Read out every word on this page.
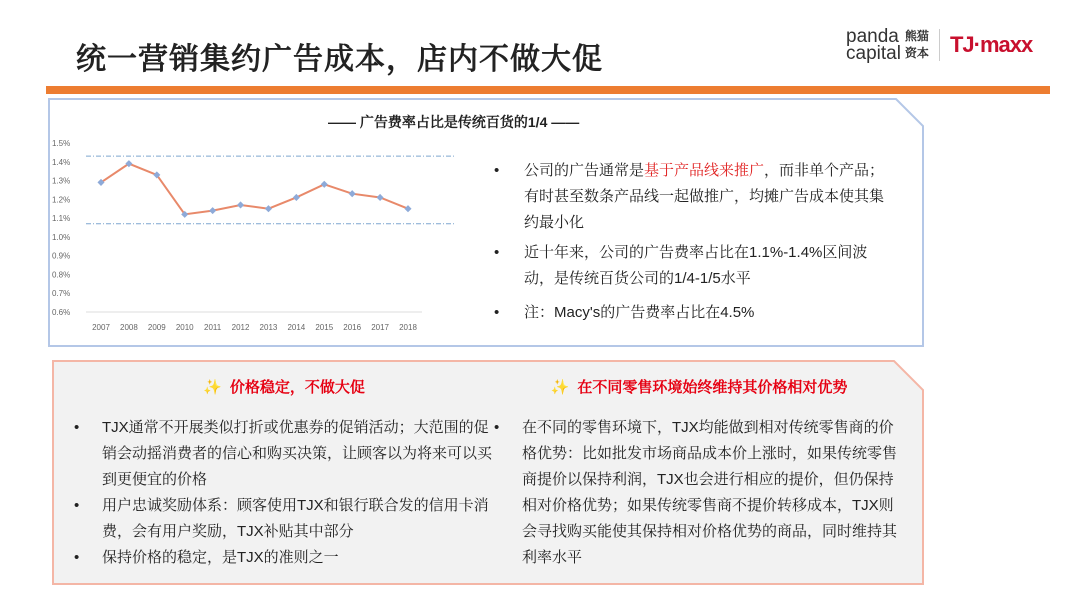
统一营销集约广告成本，店内不做大促
panda
capital
熊猫
资本 TJ·maxx
1.5%
1.4%
1.3%
1.2%
1.1%
1.0%
0.9%
0.8%
0.7%
0.6%
2007 2008 2009 2010 2011 2012 2013 2014 2015 2016 2017 2018
—— 广告费率占比是传统百货的1/4 ——
• 公司的广告通常是基于产品线来推广，而非单个产品；有时甚至数条产品线一起做推广，均摊广告成本使其集约最小化
• 近十年来，公司的广告费率占比在1.1%-1.4%区间波动，是传统百货公司的1/4-1/5水平
• 注：Macy's的广告费率占比在4.5%
✨ 价格稳定，不做大促
• TJX通常不开展类似打折或优惠券的促销活动；大范围的促销会动摇消费者的信心和购买决策，让顾客以为将来可以买到更便宜的价格
• 用户忠诚奖励体系：顾客使用TJX和银行联合发的信用卡消费，会有用户奖励，TJX补贴其中部分
• 保持价格的稳定，是TJX的准则之一
✨ 在不同零售环境始终维持其价格相对优势
• 在不同的零售环境下，TJX均能做到相对传统零售商的价格优势：比如批发市场商品成本价上涨时，如果传统零售商提价以保持利润，TJX也会进行相应的提价，但仍保持相对价格优势；如果传统零售商不提价转移成本，TJX则会寻找购买能使其保持相对价格优势的商品，同时维持其利率水平
